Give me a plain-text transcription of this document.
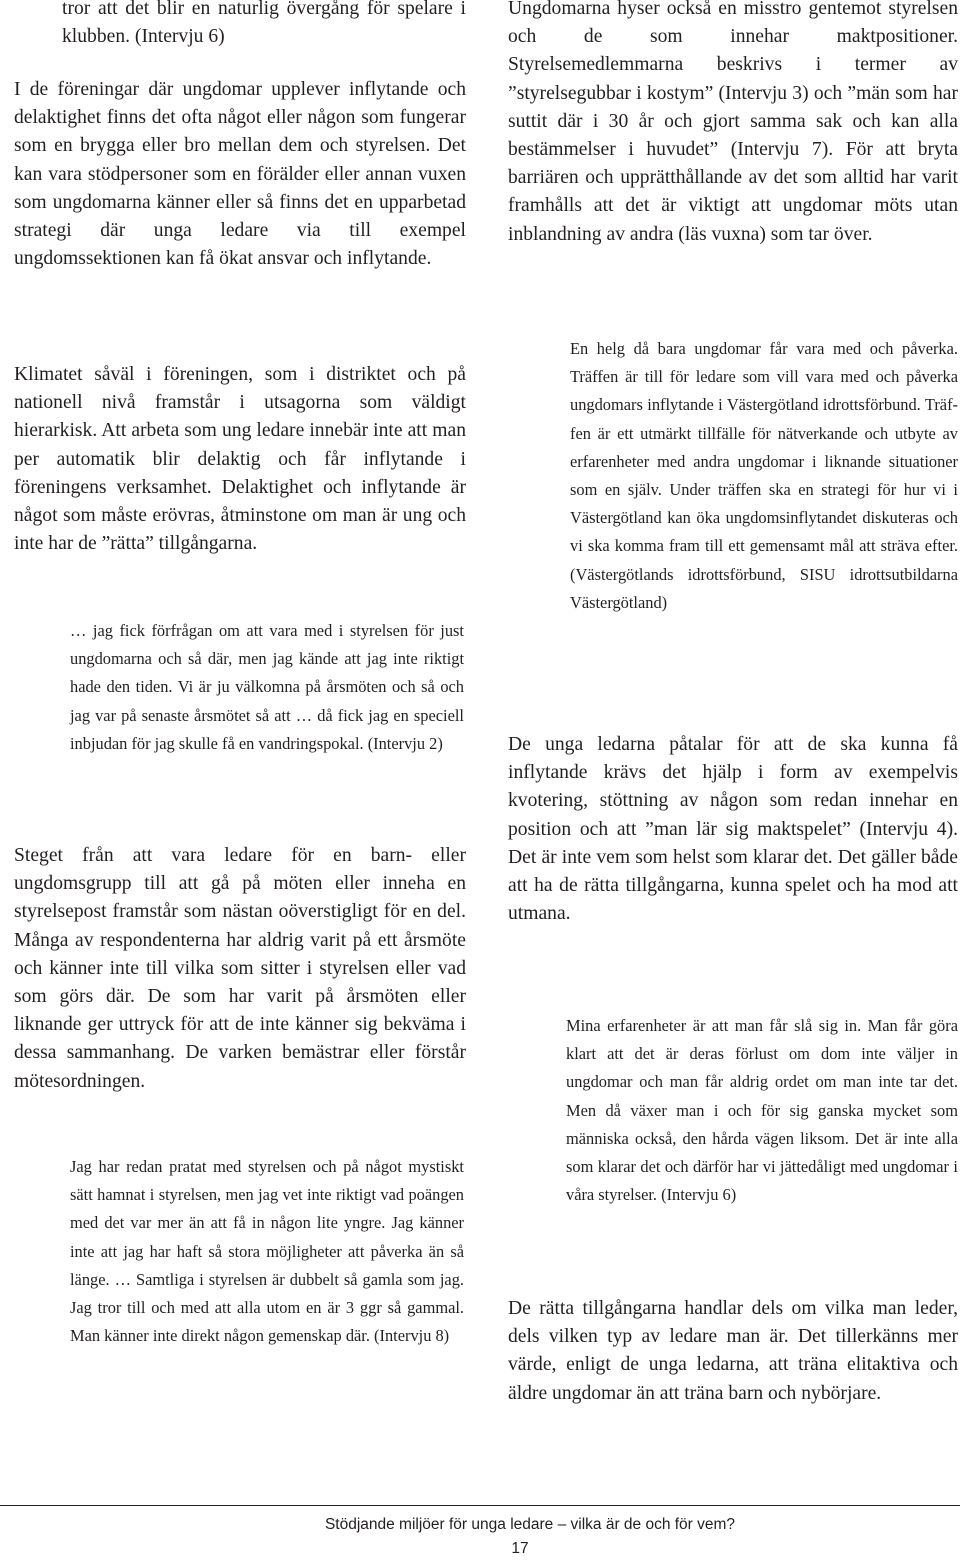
tror att det blir en naturlig övergång för spelare i klubben. (Intervju 6)

I de föreningar där ungdomar upplever inflytande och delaktighet finns det ofta något eller någon som fungerar som en brygga eller bro mellan dem och styrelsen. Det kan vara stödpersoner som en förälder eller annan vuxen som ungdomarna känner eller så finns det en upparbetad strategi där unga ledare via till exempel ungdomssektionen kan få ökat ansvar och inflytande.

Klimatet såväl i föreningen, som i distriktet och på nationell nivå framstår i utsagorna som väldigt hierarkisk. Att arbeta som ung ledare innebär inte att man per automatik blir delaktig och får inflytande i föreningens verksamhet. Delaktighet och inflytande är något som måste erövras, åtminstone om man är ung och inte har de ”rätta” tillgångarna.

… jag fick förfrågan om att vara med i styrelsen för just ungdomarna och så där, men jag kände att jag inte riktigt hade den tiden. Vi är ju välkomna på årsmöten och så och jag var på senaste årsmötet så att … då fick jag en speciell inbjudan för jag skulle få en vandringspokal. (Intervju 2)

Steget från att vara ledare för en barn- eller ungdomsgrupp till att gå på möten eller inneha en styrelsepost framstår som nästan oöverstigligt för en del. Många av respondenterna har aldrig varit på ett årsmöte och känner inte till vilka som sitter i styrelsen eller vad som görs där. De som har varit på årsmöten eller liknande ger uttryck för att de inte känner sig bekväma i dessa sammanhang. De varken bemästrar eller förstår mötesordningen.

Jag har redan pratat med styrelsen och på något mystiskt sätt hamnat i styrelsen, men jag vet inte riktigt vad poängen med det var mer än att få in någon lite yngre. Jag känner inte att jag har haft så stora möjligheter att påverka än så länge. … Samtliga i styrelsen är dubbelt så gamla som jag. Jag tror till och med att alla utom en är 3 ggr så gammal. Man känner inte direkt någon gemenskap där. (Intervju 8)

Ungdomarna hyser också en misstro gentemot styrelsen och de som innehar maktpositioner. Styrelsemedlemmarna beskrivs i termer av ”styrelsegubbar i kostym” (Intervju 3) och ”män som har suttit där i 30 år och gjort samma sak och kan alla bestämmelser i huvudet” (Intervju 7). För att bryta barriären och upprätthållande av det som alltid har varit framhålls att det är viktigt att ungdomar möts utan inblandning av andra (läs vuxna) som tar över.

En helg då bara ungdomar får vara med och påverka. Träffen är till för ledare som vill vara med och påverka ungdomars inflytande i Västergötland idrottsförbund. Träffen är ett utmärkt tillfälle för nätverkande och utbyte av erfarenheter med andra ungdomar i liknande situationer som en själv. Under träffen ska en strategi för hur vi i Västergötland kan öka ungdomsinflytandet diskuteras och vi ska komma fram till ett gemensamt mål att sträva efter. (Västergötlands idrottsförbund, SISU idrottsutbildarna Västergötland)

De unga ledarna påtalar för att de ska kunna få inflytande krävs det hjälp i form av exempelvis kvotering, stöttning av någon som redan innehar en position och att ”man lär sig maktspelet” (Intervju 4). Det är inte vem som helst som klarar det. Det gäller både att ha de rätta tillgångarna, kunna spelet och ha mod att utmana.

Mina erfarenheter är att man får slå sig in. Man får göra klart att det är deras förlust om dom inte väljer in ungdomar och man får aldrig ordet om man inte tar det. Men då växer man i och för sig ganska mycket som människa också, den hårda vägen liksom. Det är inte alla som klarar det och därför har vi jättedåligt med ungdomar i våra styrelser. (Intervju 6)

De rätta tillgångarna handlar dels om vilka man leder, dels vilken typ av ledare man är. Det tillerkänns mer värde, enligt de unga ledarna, att träna elitaktiva och äldre ungdomar än att träna barn och nybörjare.

Stödjande miljöer för unga ledare – vilka är de och för vem?
17
